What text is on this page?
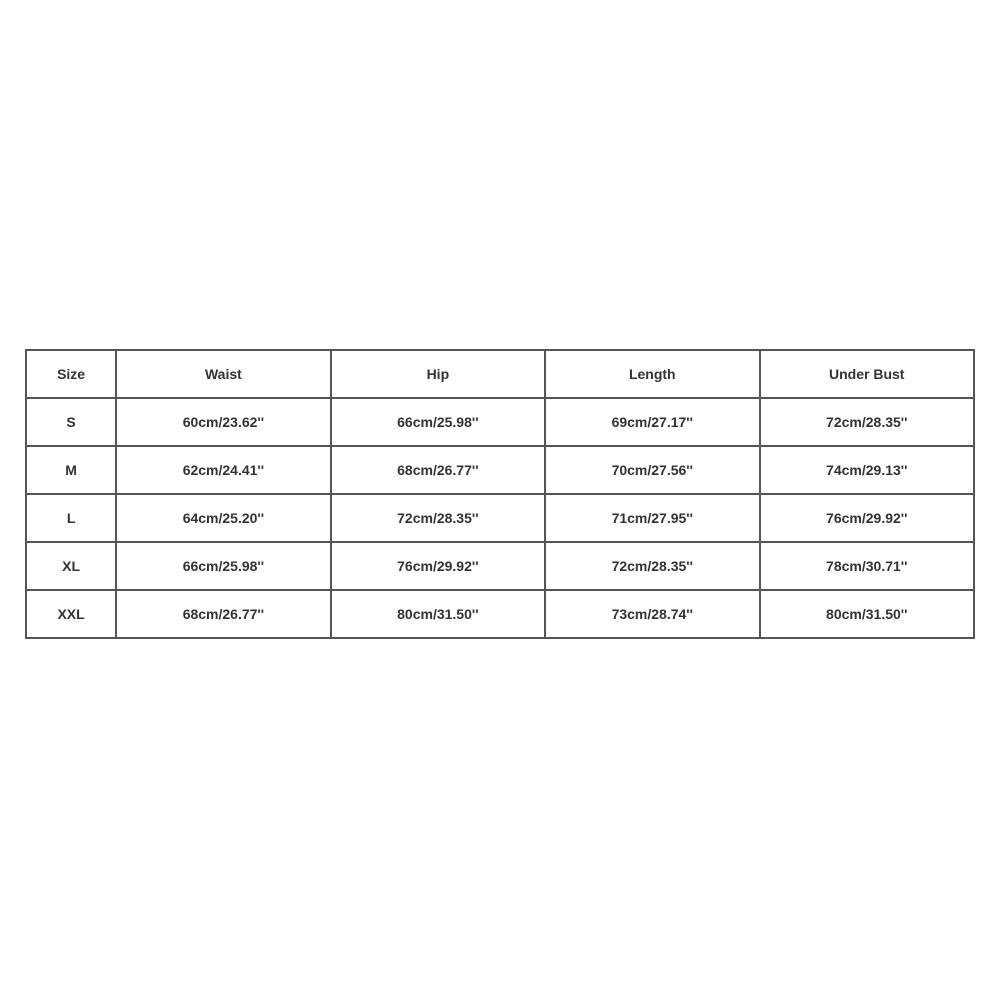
Size	Waist	Hip	Length	Under Bust
S	60cm/23.62''	66cm/25.98''	69cm/27.17''	72cm/28.35''
M	62cm/24.41''	68cm/26.77''	70cm/27.56''	74cm/29.13''
L	64cm/25.20''	72cm/28.35''	71cm/27.95''	76cm/29.92''
XL	66cm/25.98''	76cm/29.92''	72cm/28.35''	78cm/30.71''
XXL	68cm/26.77''	80cm/31.50''	73cm/28.74''	80cm/31.50''
